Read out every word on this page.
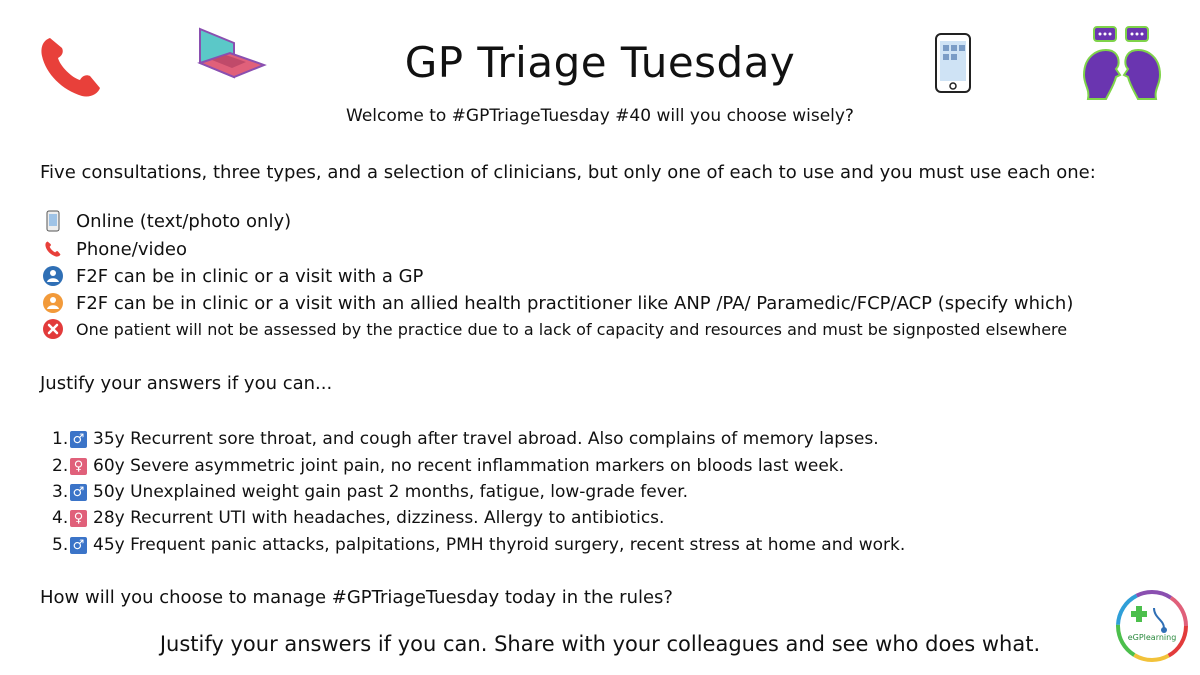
GP Triage Tuesday
Welcome to #GPTriageTuesday #40 will you choose wisely?
Five consultations, three types, and a selection of clinicians, but only one of each to use and you must use each one:
Online (text/photo only)
Phone/video
F2F can be in clinic or a visit with a GP
F2F can be in clinic or a visit with an allied health practitioner like ANP /PA/ Paramedic/FCP/ACP (specify which)
One patient will not be assessed by the practice due to a lack of capacity and resources and must be signposted elsewhere
Justify your answers if you can...
1. ♂ 35y Recurrent sore throat, and cough after travel abroad. Also complains of memory lapses.
2. ♀ 60y Severe asymmetric joint pain, no recent inflammation markers on bloods last week.
3. ♂ 50y Unexplained weight gain past 2 months, fatigue, low-grade fever.
4. ♀ 28y Recurrent UTI with headaches, dizziness. Allergy to antibiotics.
5. ♂ 45y Frequent panic attacks, palpitations, PMH thyroid surgery, recent stress at home and work.
How will you choose to manage #GPTriageTuesday today in the rules?
Justify your answers if you can. Share with your colleagues and see who does what.	eGPlearning
